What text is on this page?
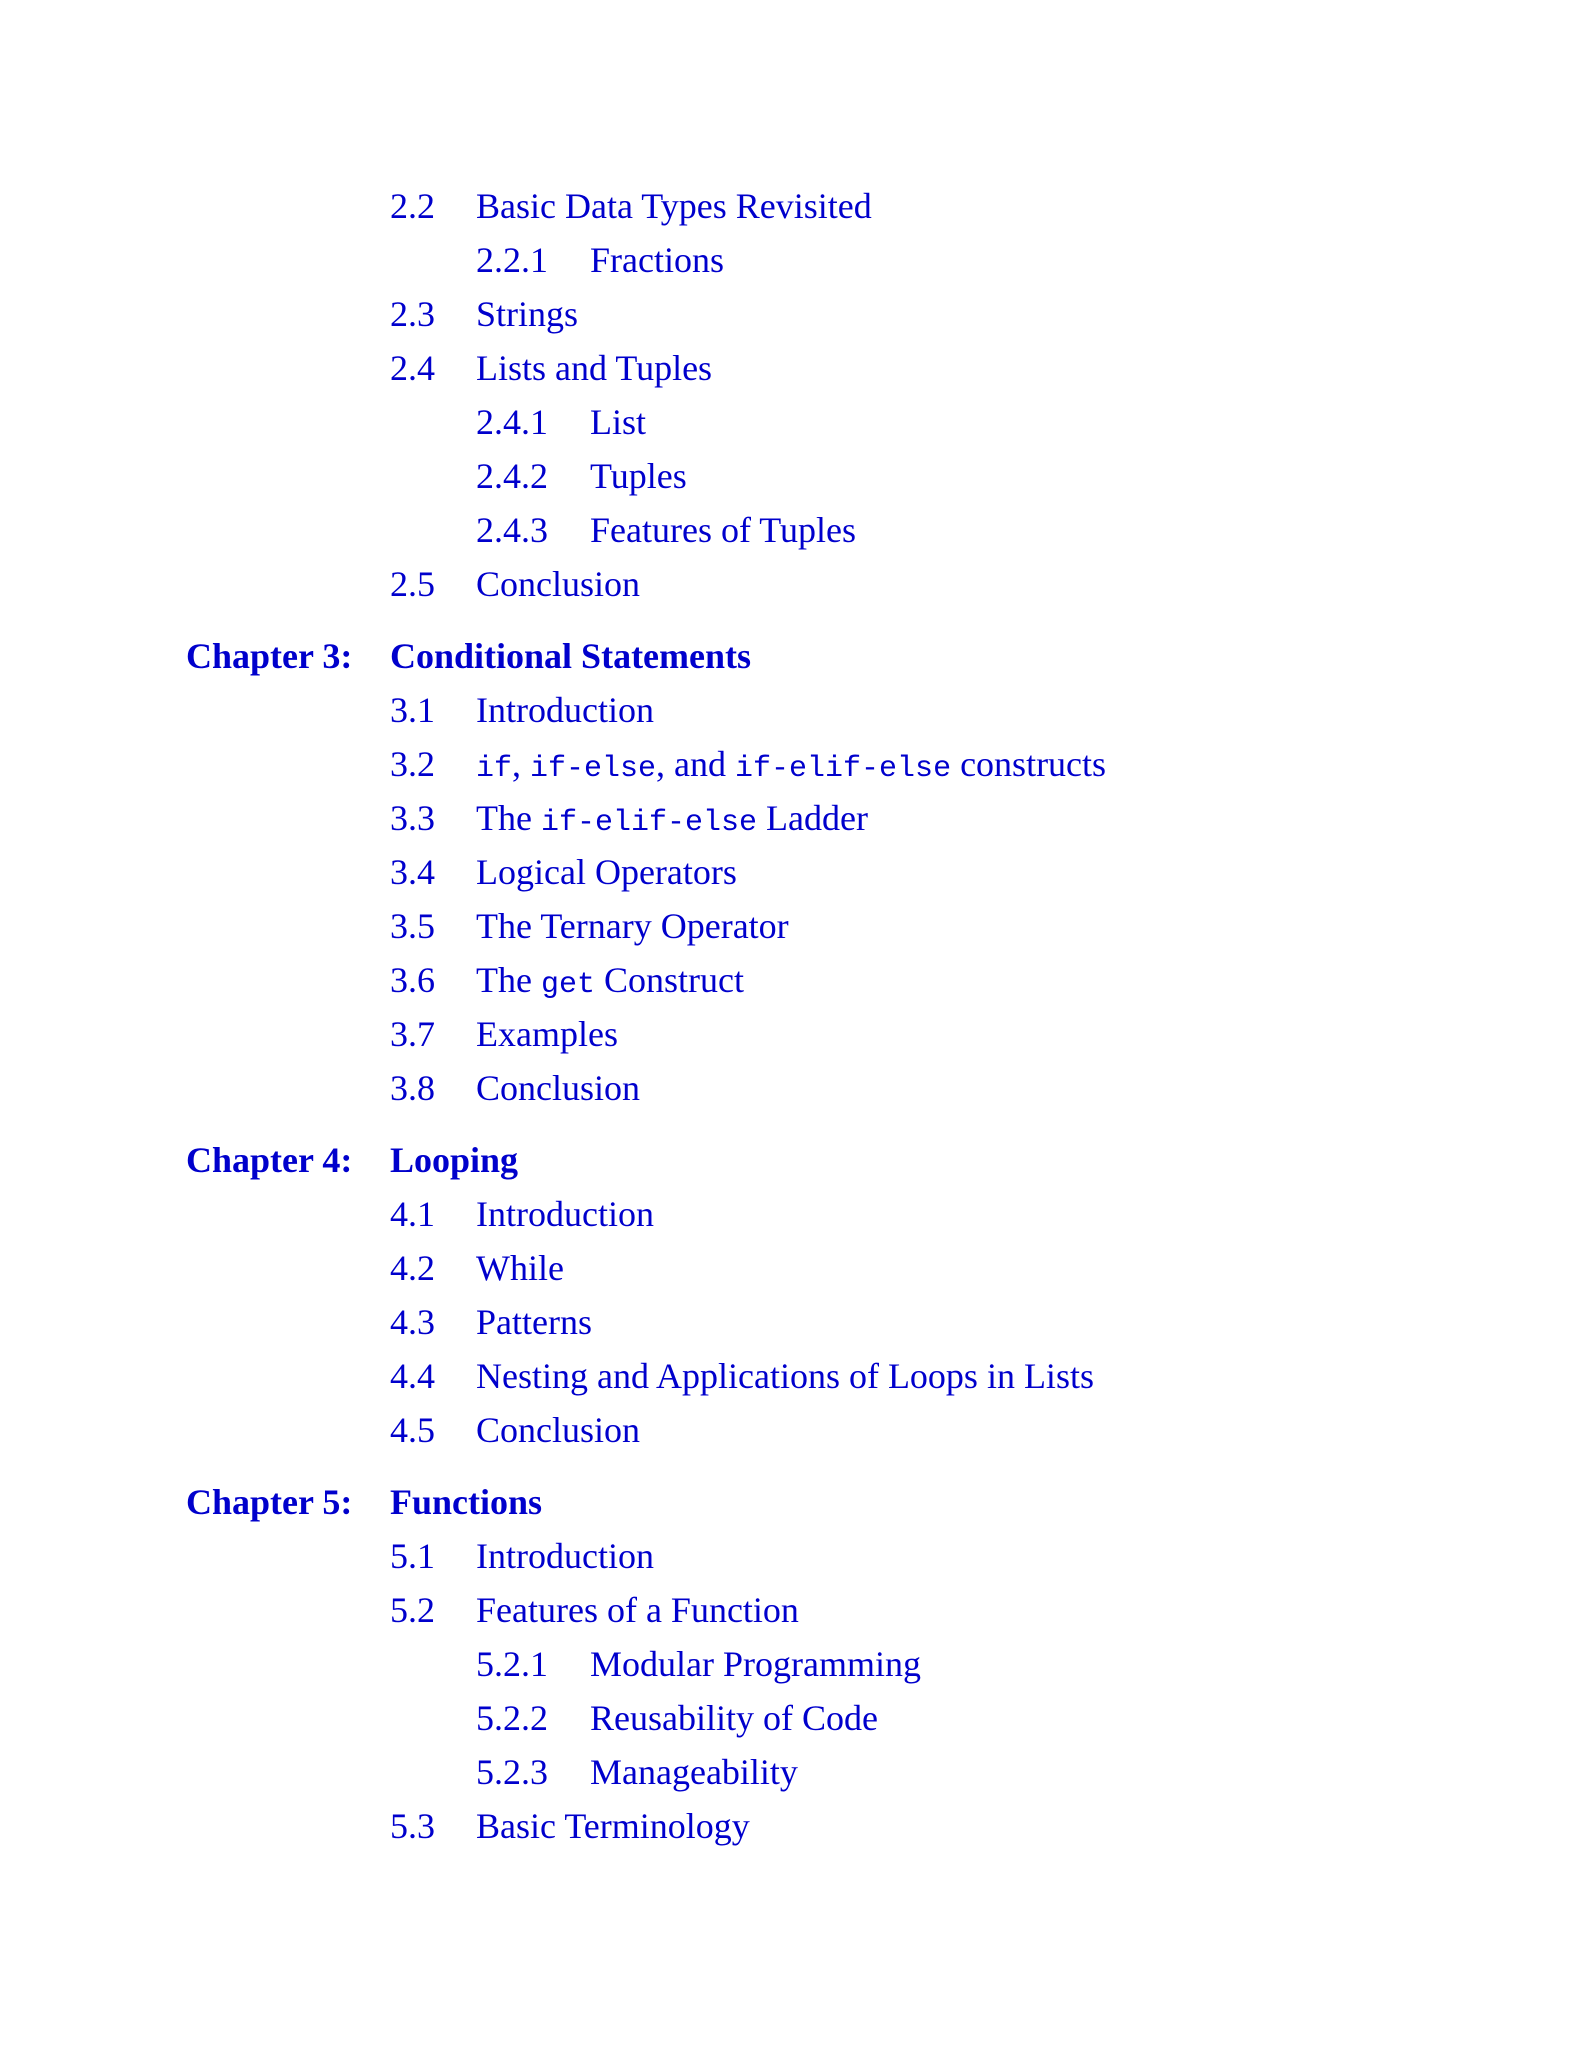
2.2 Basic Data Types Revisited
2.2.1 Fractions
2.3 Strings
2.4 Lists and Tuples
2.4.1 List
2.4.2 Tuples
2.4.3 Features of Tuples
2.5 Conclusion
Chapter 3: Conditional Statements
3.1 Introduction
3.2 if, if-else, and if-elif-else constructs
3.3 The if-elif-else Ladder
3.4 Logical Operators
3.5 The Ternary Operator
3.6 The get Construct
3.7 Examples
3.8 Conclusion
Chapter 4: Looping
4.1 Introduction
4.2 While
4.3 Patterns
4.4 Nesting and Applications of Loops in Lists
4.5 Conclusion
Chapter 5: Functions
5.1 Introduction
5.2 Features of a Function
5.2.1 Modular Programming
5.2.2 Reusability of Code
5.2.3 Manageability
5.3 Basic Terminology
